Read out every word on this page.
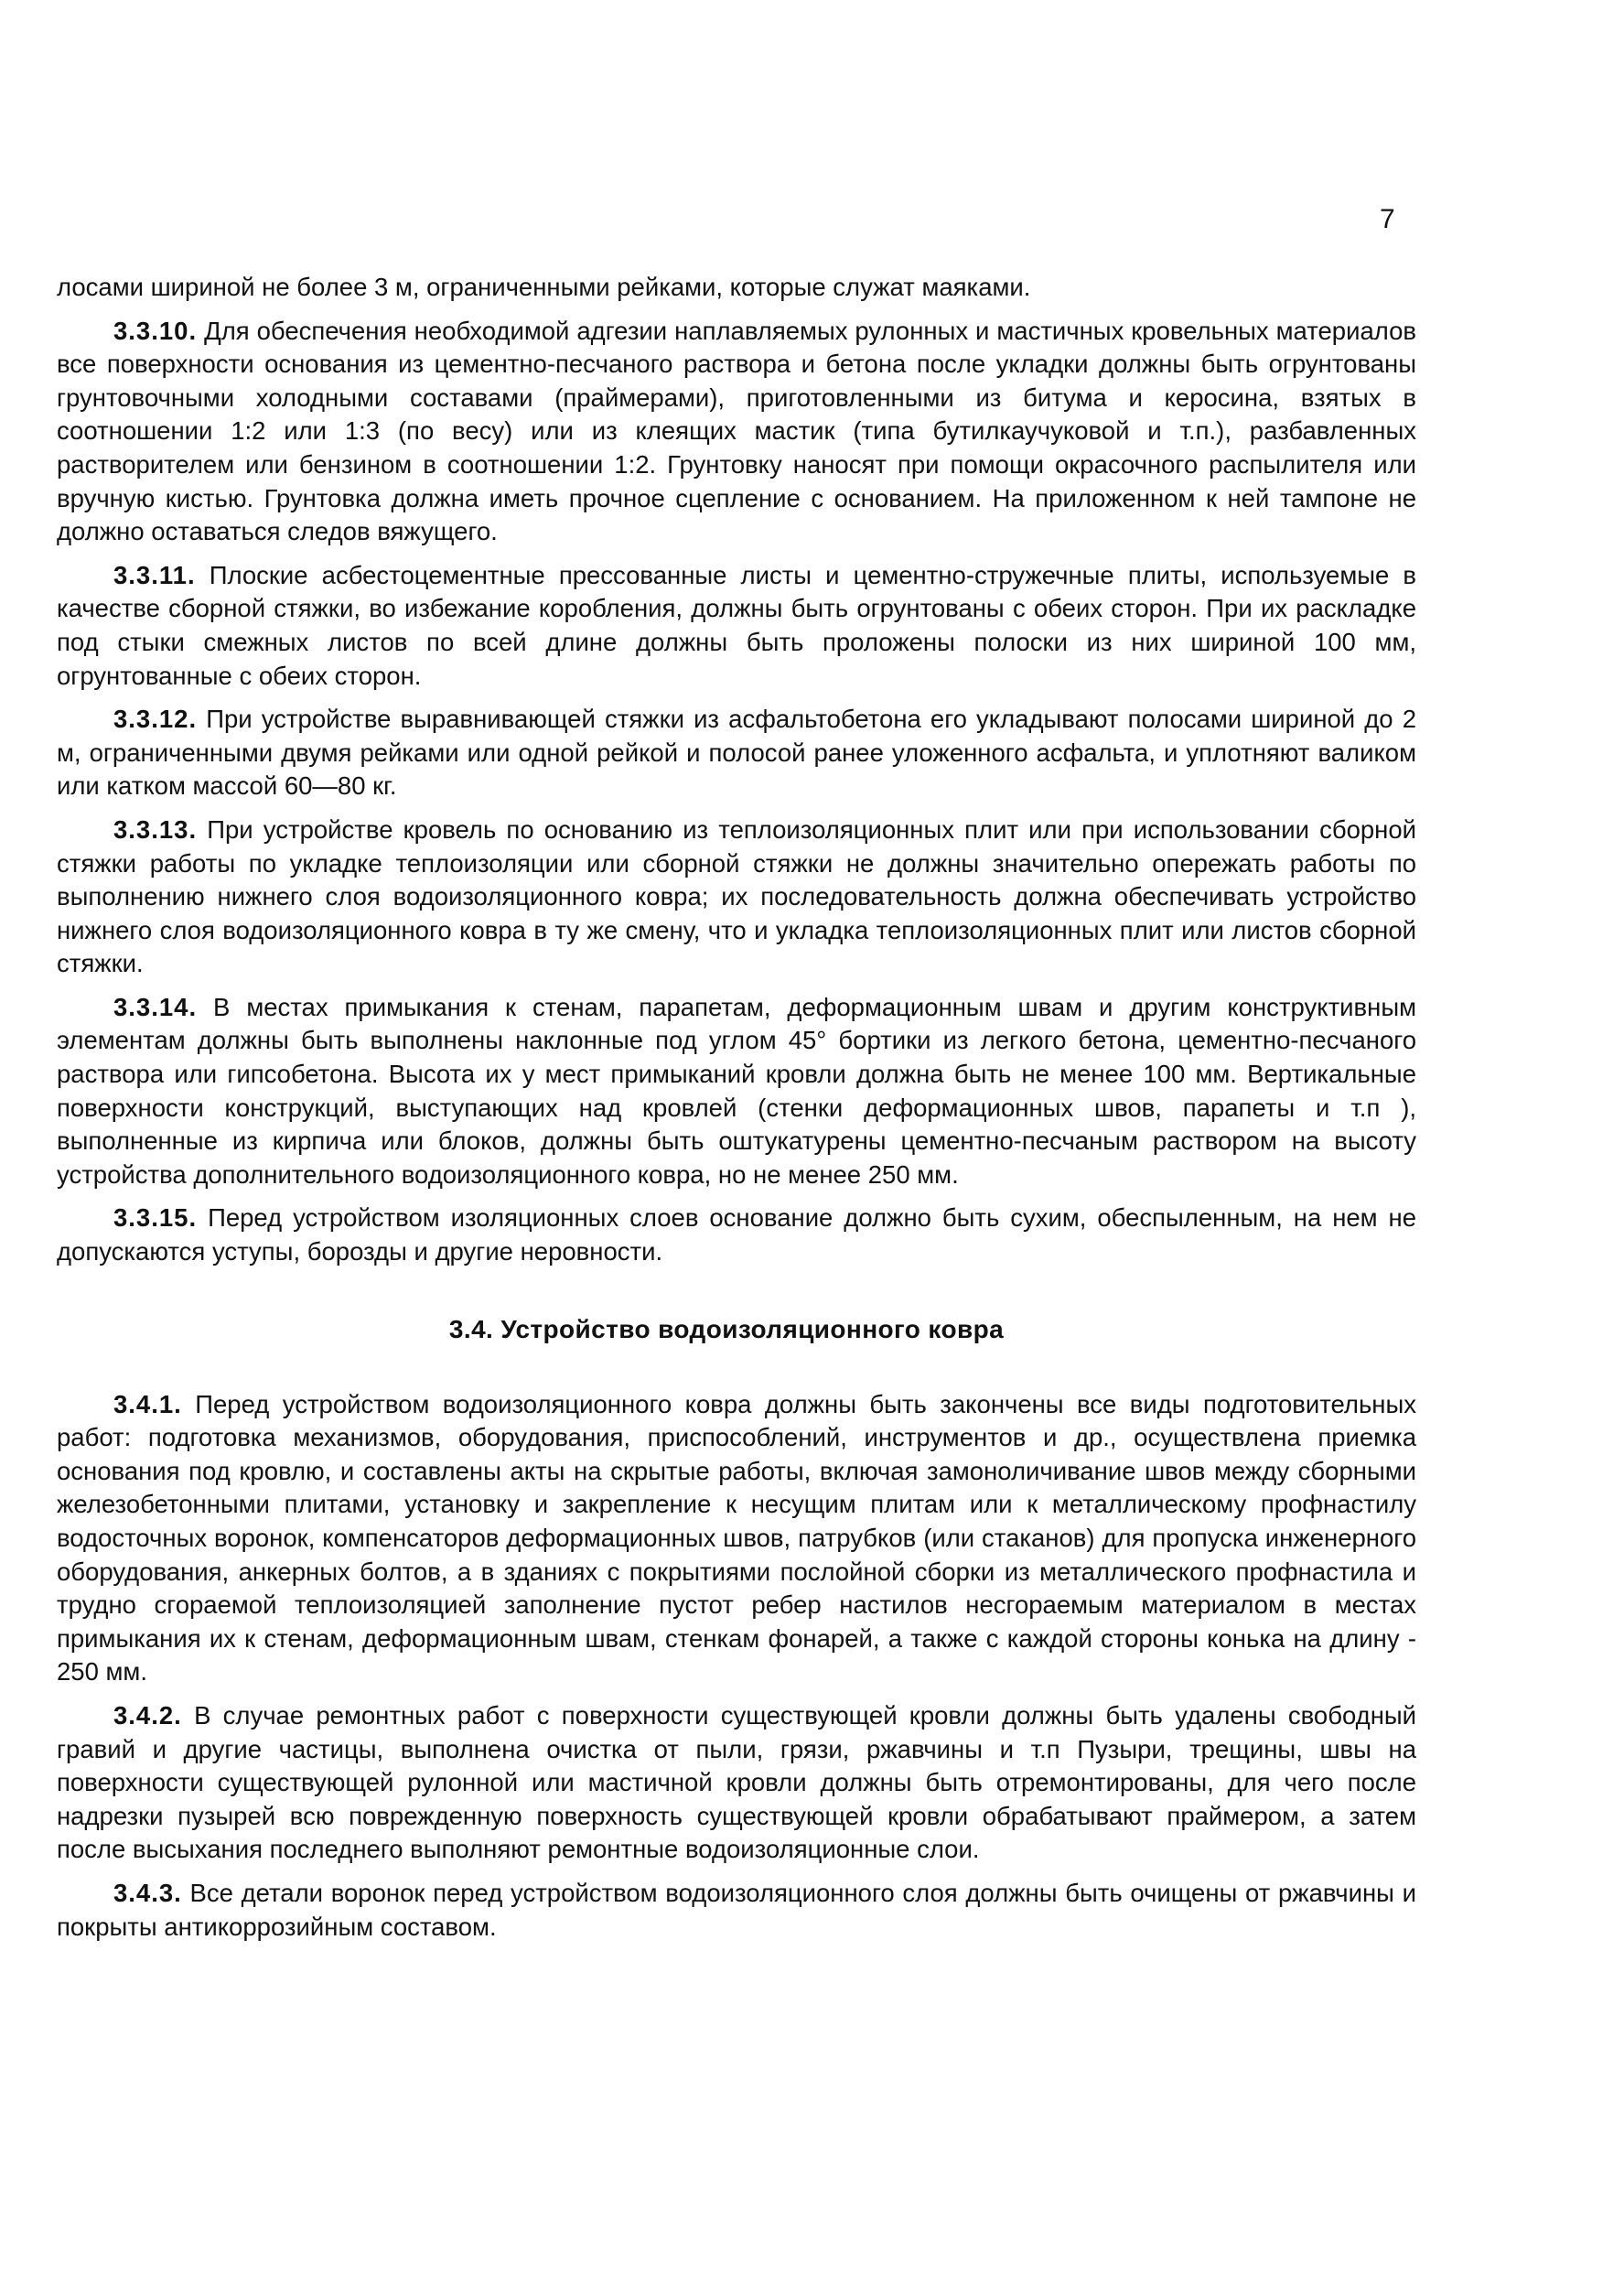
7

лосами шириной не более 3 м, ограниченными рейками, которые служат маяками.

3.3.10. Для обеспечения необходимой адгезии наплавляемых рулонных и мастичных кровельных материалов все поверхности основания из цементно-песчаного раствора и бетона после укладки должны быть огрунтованы грунтовочными холодными составами (праймерами), приготовленными из битума и керосина, взятых в соотношении 1:2 или 1:3 (по весу) или из клеящих мастик (типа бутилкаучуковой и т.п.), разбавленных растворителем или бензином в соотношении 1:2. Грунтовку наносят при помощи окрасочного распылителя или вручную кистью. Грунтовка должна иметь прочное сцепление с основанием. На приложенном к ней тампоне не должно оставаться следов вяжущего.

3.3.11. Плоские асбестоцементные прессованные листы и цементно-стружечные плиты, используемые в качестве сборной стяжки, во избежание коробления, должны быть огрунтованы с обеих сторон. При их раскладке под стыки смежных листов по всей длине должны быть проложены полоски из них шириной 100 мм, огрунтованные с обеих сторон.

3.3.12. При устройстве выравнивающей стяжки из асфальтобетона его укладывают полосами шириной до 2 м, ограниченными двумя рейками или одной рейкой и полосой ранее уложенного асфальта, и уплотняют валиком или катком массой 60—80 кг.

3.3.13. При устройстве кровель по основанию из теплоизоляционных плит или при использовании сборной стяжки работы по укладке теплоизоляции или сборной стяжки не должны значительно опережать работы по выполнению нижнего слоя водоизоляционного ковра; их последовательность должна обеспечивать устройство нижнего слоя водоизоляционного ковра в ту же смену, что и укладка теплоизоляционных плит или листов сборной стяжки.

3.3.14. В местах примыкания к стенам, парапетам, деформационным швам и другим конструктивным элементам должны быть выполнены наклонные под углом 45° бортики из легкого бетона, цементно-песчаного раствора или гипсобетона. Высота их у мест примыканий кровли должна быть не менее 100 мм. Вертикальные поверхности конструкций, выступающих над кровлей (стенки деформационных швов, парапеты и т.п ), выполненные из кирпича или блоков, должны быть оштукатурены цементно-песчаным раствором на высоту устройства дополнительного водоизоляционного ковра, но не менее 250 мм.

3.3.15. Перед устройством изоляционных слоев основание должно быть сухим, обеспыленным, на нем не допускаются уступы, борозды и другие неровности.

3.4. Устройство водоизоляционного ковра

3.4.1. Перед устройством водоизоляционного ковра должны быть закончены все виды подготовительных работ: подготовка механизмов, оборудования, приспособлений, инструментов и др., осуществлена приемка основания под кровлю, и составлены акты на скрытые работы, включая замоноличивание швов между сборными железобетонными плитами, установку и закрепление к несущим плитам или к металлическому профнастилу водосточных воронок, компенсаторов деформационных швов, патрубков (или стаканов) для пропуска инженерного оборудования, анкерных болтов, а в зданиях с покрытиями послойной сборки из металлического профнастила и трудно сгораемой теплоизоляцией заполнение пустот ребер настилов несгораемым материалом в местах примыкания их к стенам, деформационным швам, стенкам фонарей, а также с каждой стороны конька на длину - 250 мм.

3.4.2. В случае ремонтных работ с поверхности существующей кровли должны быть удалены свободный гравий и другие частицы, выполнена очистка от пыли, грязи, ржавчины и т.п Пузыри, трещины, швы на поверхности существующей рулонной или мастичной кровли должны быть отремонтированы, для чего после надрезки пузырей всю поврежденную поверхность существующей кровли обрабатывают праймером, а затем после высыхания последнего выполняют ремонтные водоизоляционные слои.

3.4.3. Все детали воронок перед устройством водоизоляционного слоя должны быть очищены от ржавчины и покрыты антикоррозийным составом.
